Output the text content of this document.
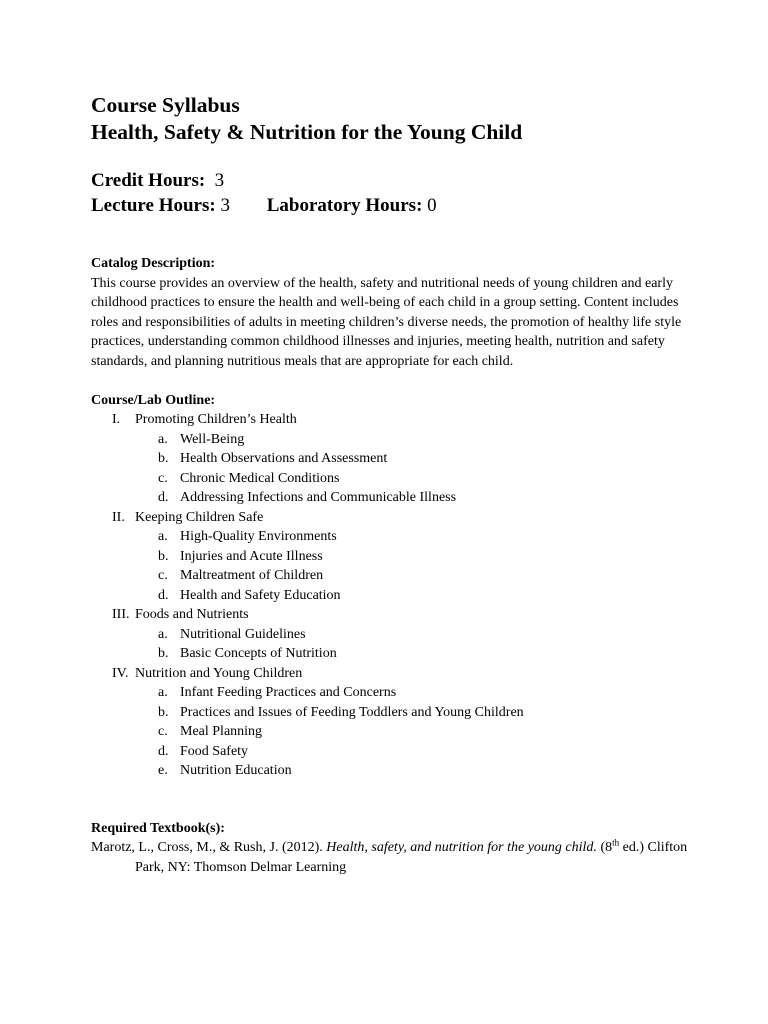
Course Syllabus
Health, Safety & Nutrition for the Young Child
Credit Hours: 3
Lecture Hours: 3 Laboratory Hours: 0
Catalog Description:
This course provides an overview of the health, safety and nutritional needs of young children and early childhood practices to ensure the health and well-being of each child in a group setting. Content includes roles and responsibilities of adults in meeting children’s diverse needs, the promotion of healthy life style practices, understanding common childhood illnesses and injuries, meeting health, nutrition and safety standards, and planning nutritious meals that are appropriate for each child.
Course/Lab Outline:
I. Promoting Children’s Health
a. Well-Being
b. Health Observations and Assessment
c. Chronic Medical Conditions
d. Addressing Infections and Communicable Illness
II. Keeping Children Safe
a. High-Quality Environments
b. Injuries and Acute Illness
c. Maltreatment of Children
d. Health and Safety Education
III. Foods and Nutrients
a. Nutritional Guidelines
b. Basic Concepts of Nutrition
IV. Nutrition and Young Children
a. Infant Feeding Practices and Concerns
b. Practices and Issues of Feeding Toddlers and Young Children
c. Meal Planning
d. Food Safety
e. Nutrition Education
Required Textbook(s):
Marotz, L., Cross, M., & Rush, J. (2012). Health, safety, and nutrition for the young child. (8th ed.) Clifton Park, NY: Thomson Delmar Learning
